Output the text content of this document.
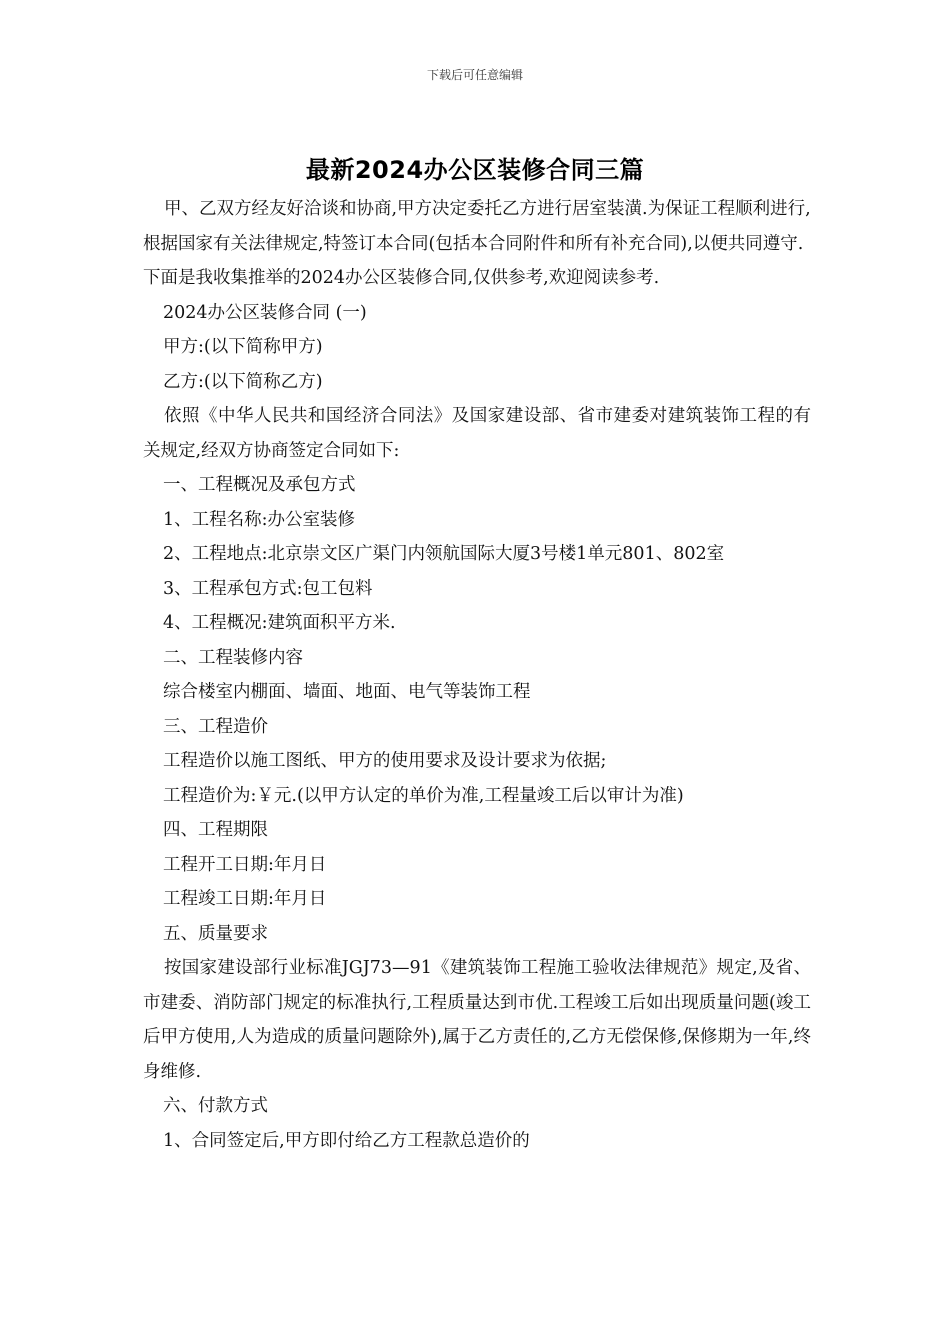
下载后可任意编辑
最新2024办公区装修合同三篇

甲、乙双方经友好洽谈和协商,甲方决定委托乙方进行居室装潢.为保证工程顺利进行,根据国家有关法律规定,特签订本合同(包括本合同附件和所有补充合同),以便共同遵守.下面是我收集推举的2024办公区装修合同,仅供参考,欢迎阅读参考.

2024办公区装修合同 (一)

甲方:(以下简称甲方)

乙方:(以下简称乙方)

依照《中华人民共和国经济合同法》及国家建设部、省市建委对建筑装饰工程的有关规定,经双方协商签定合同如下:

一、工程概况及承包方式

1、工程名称:办公室装修

2、工程地点:北京崇文区广渠门内领航国际大厦3号楼1单元801、802室

3、工程承包方式:包工包料

4、工程概况:建筑面积平方米.

二、工程装修内容

综合楼室内棚面、墙面、地面、电气等装饰工程

三、工程造价

工程造价以施工图纸、甲方的使用要求及设计要求为依据;

工程造价为:￥元.(以甲方认定的单价为准,工程量竣工后以审计为准)

四、工程期限

工程开工日期:年月日

工程竣工日期:年月日

五、质量要求

按国家建设部行业标准JGJ73—91《建筑装饰工程施工验收法律规范》规定,及省、市建委、消防部门规定的标准执行,工程质量达到市优.工程竣工后如出现质量问题(竣工后甲方使用,人为造成的质量问题除外),属于乙方责任的,乙方无偿保修,保修期为一年,终身维修.

六、付款方式

1、合同签定后,甲方即付给乙方工程款总造价的
